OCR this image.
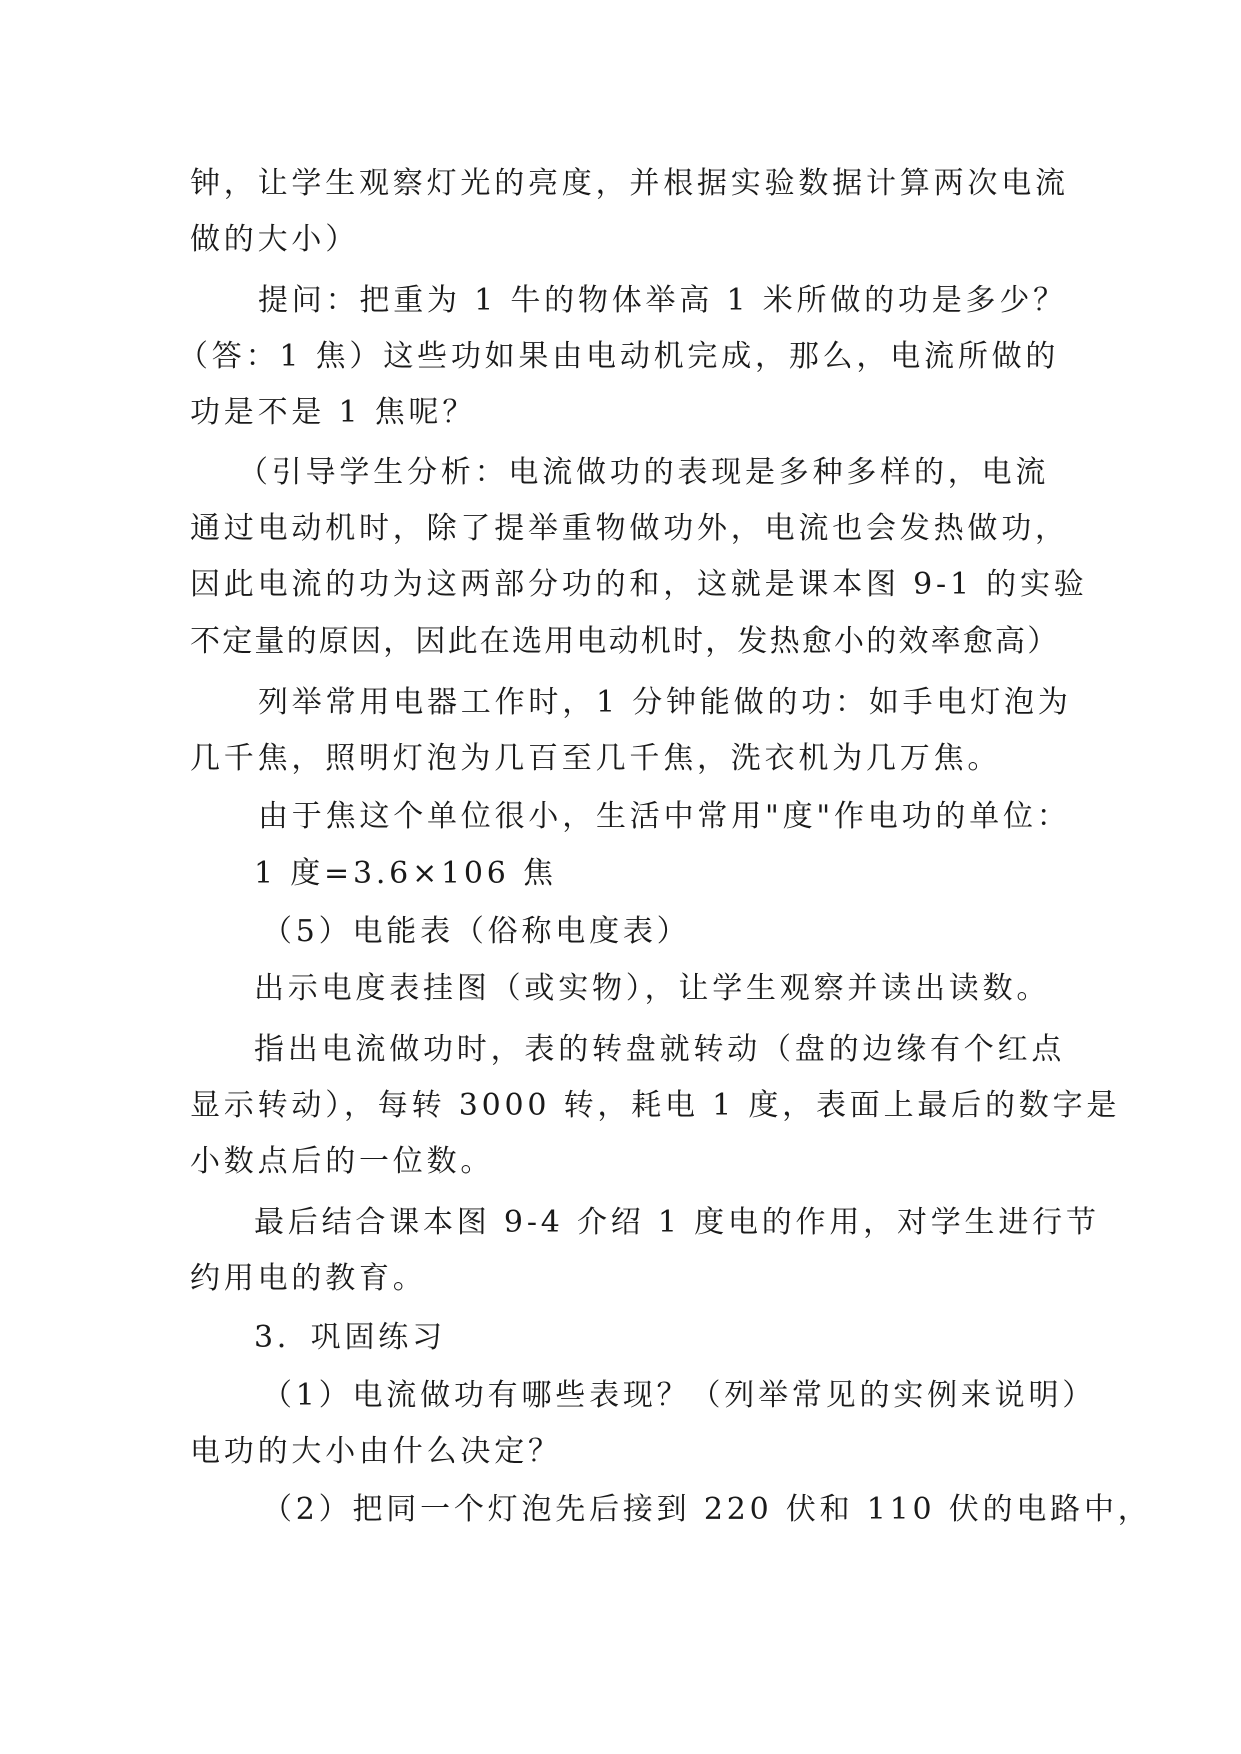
钟，让学生观察灯光的亮度，并根据实验数据计算两次电流

做的大小）

提问：把重为 1 牛的物体举高 1 米所做的功是多少？

（答：1 焦）这些功如果由电动机完成，那么，电流所做的

功是不是 1 焦呢？

（引导学生分析：电流做功的表现是多种多样的，电流

通过电动机时，除了提举重物做功外，电流也会发热做功，

因此电流的功为这两部分功的和，这就是课本图 9-1 的实验

不定量的原因，因此在选用电动机时，发热愈小的效率愈高）

列举常用电器工作时，1 分钟能做的功：如手电灯泡为

几千焦，照明灯泡为几百至几千焦，洗衣机为几万焦。

由于焦这个单位很小，生活中常用"度"作电功的单位：

1 度=3.6×106 焦

（5）电能表（俗称电度表）

出示电度表挂图（或实物），让学生观察并读出读数。

指出电流做功时，表的转盘就转动（盘的边缘有个红点

显示转动），每转 3000 转，耗电 1 度，表面上最后的数字是

小数点后的一位数。

最后结合课本图 9-4 介绍 1 度电的作用，对学生进行节

约用电的教育。

3．巩固练习

（1）电流做功有哪些表现？（列举常见的实例来说明）

电功的大小由什么决定？

（2）把同一个灯泡先后接到 220 伏和 110 伏的电路中，
